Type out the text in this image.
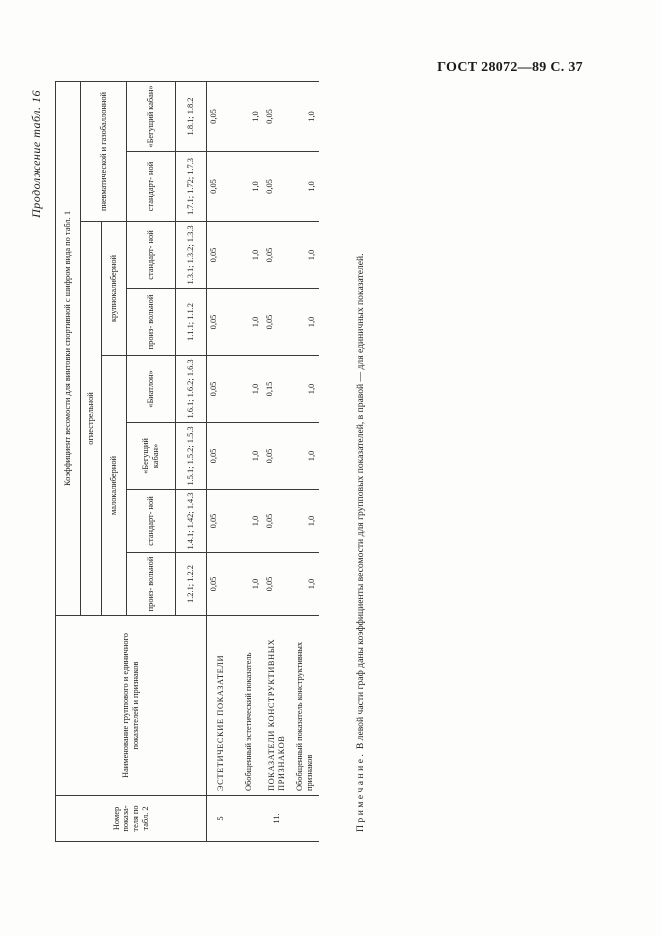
ГОСТ 28072—89 С. 37
Продолжение табл. 16
Номер показа- теля по табл. 2	Наименование группового и единичного показателей и признаков	Коэффициент весомости для винтовки спортивной с шифром вида по табл. 1							
		огнестрельной						пневматической и газобаллонной	
		малокалиберной				крупнокалиберной			
		произ- вольной	стандарт- ной	«Бегущий кабан»	«Биатлон»	произ- вольной	стандарт- ной	стандарт- ной	«Бегущий кабан»
		1.2.1; 1.2.2	1.4.1; 1.42; 1.4.3	1.5.1; 1.5.2; 1.5.3	1.6.1; 1.6.2; 1.6.3	1.1.1; 1.1.2	1.3.1; 1.3.2; 1.3.3	1.7.1; 1.72; 1.7.3	1.8.1; 1.8.2
5	ЭСТЕТИЧЕСКИЕ ПОКАЗАТЕЛИ	0,05	0,05	0,05	0,05	0,05	0,05	0,05	0,05

	Обобщенный эстетический показатель	1,0	1,0	1,0	1,0	1,0	1,0	1,0	1,0

11.	ПОКАЗАТЕЛИ КОНСТРУКТИВНЫХ ПРИЗНАКОВ	0,05	0,05	0,05	0,15	0,05	0,05	0,05	0,05

	Обобщенный показатель конструктивных признаков	1,0	1,0	1,0	1,0	1,0	1,0	1,0	1,0
Примечание. В левой части граф даны коэффициенты весомости для групповых показателей, в правой — для единичных показателей.
